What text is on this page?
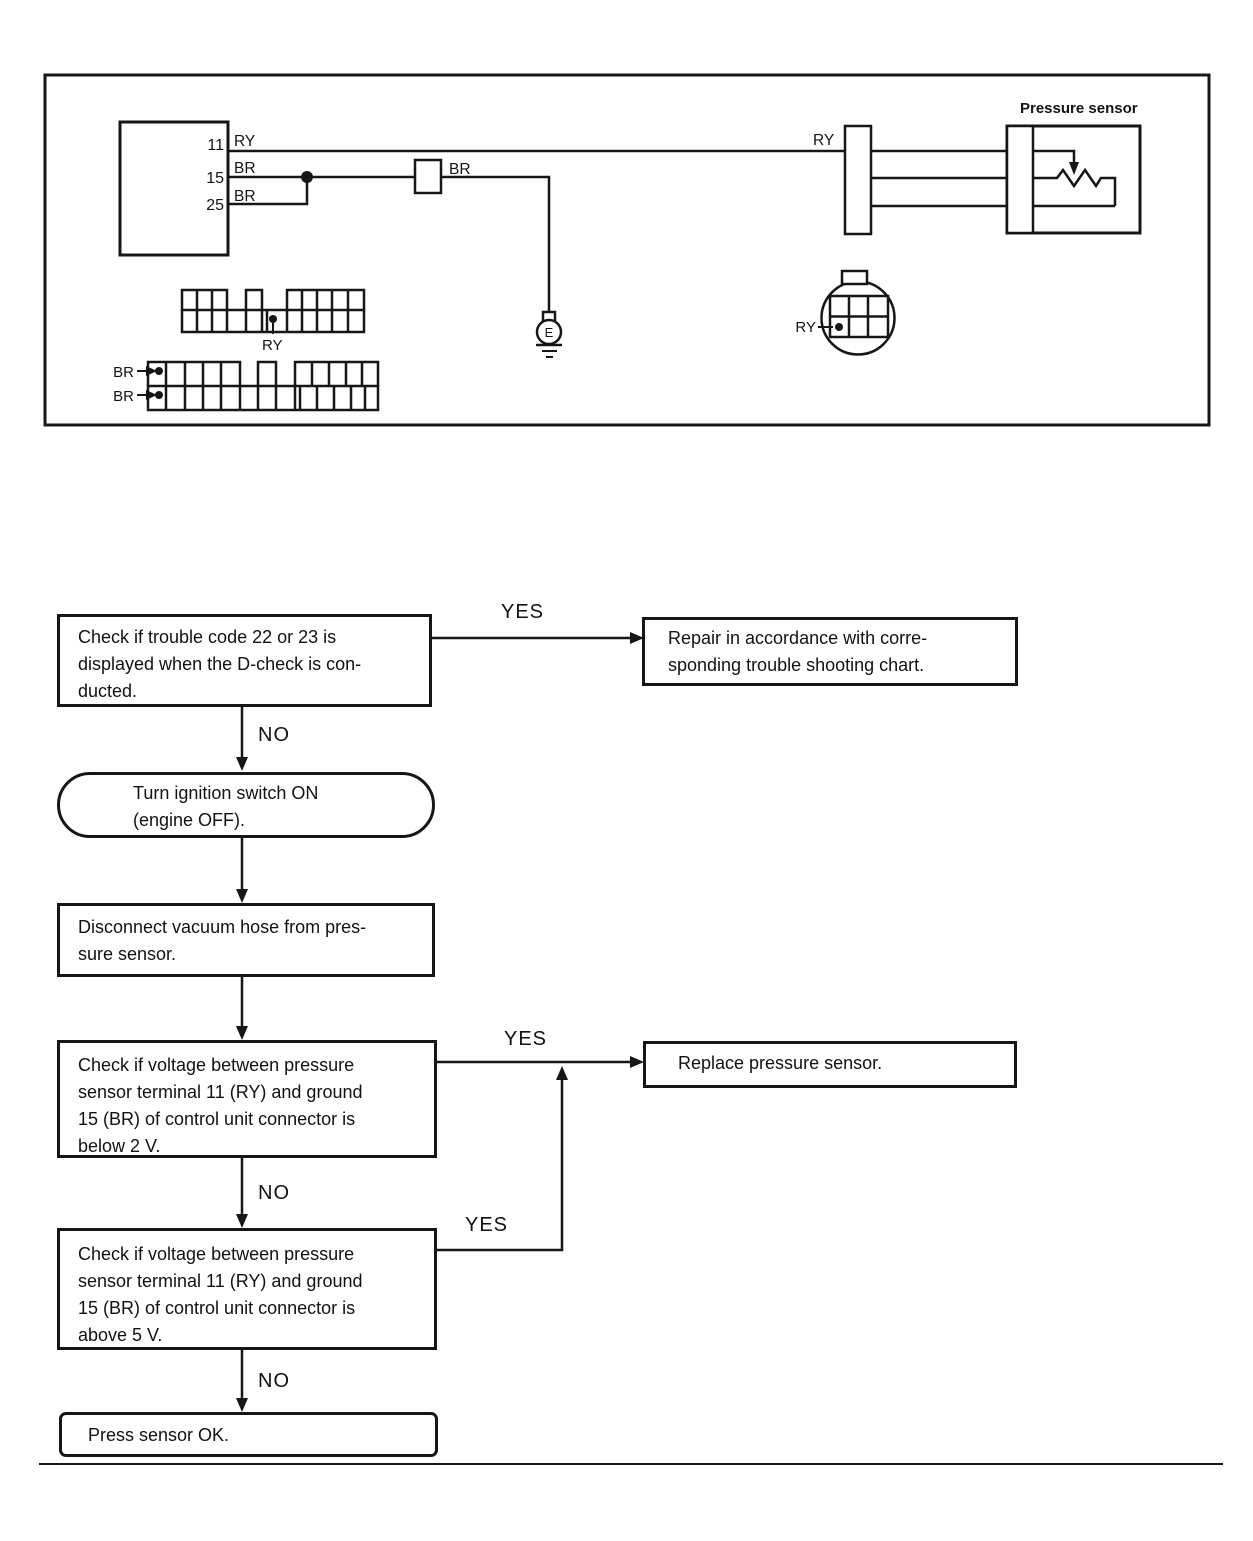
11
15
25
RY
BR
BR
BR
E
RY
BR
BR
RY
Pressure sensor
RY
Check if trouble code 22 or 23 is
displayed when the D-check is con-
ducted.
Repair in accordance with corre-
sponding trouble shooting chart.
Turn ignition switch ON
(engine OFF).
Disconnect vacuum hose from pres-
sure sensor.
Check if voltage between pressure
sensor terminal 11 (RY) and ground
15 (BR) of control unit connector is
below 2 V.
Replace pressure sensor.
Check if voltage between pressure
sensor terminal 11 (RY) and ground
15 (BR) of control unit connector is
above 5 V.
Press sensor OK.
YES
NO
YES
NO
YES
NO
